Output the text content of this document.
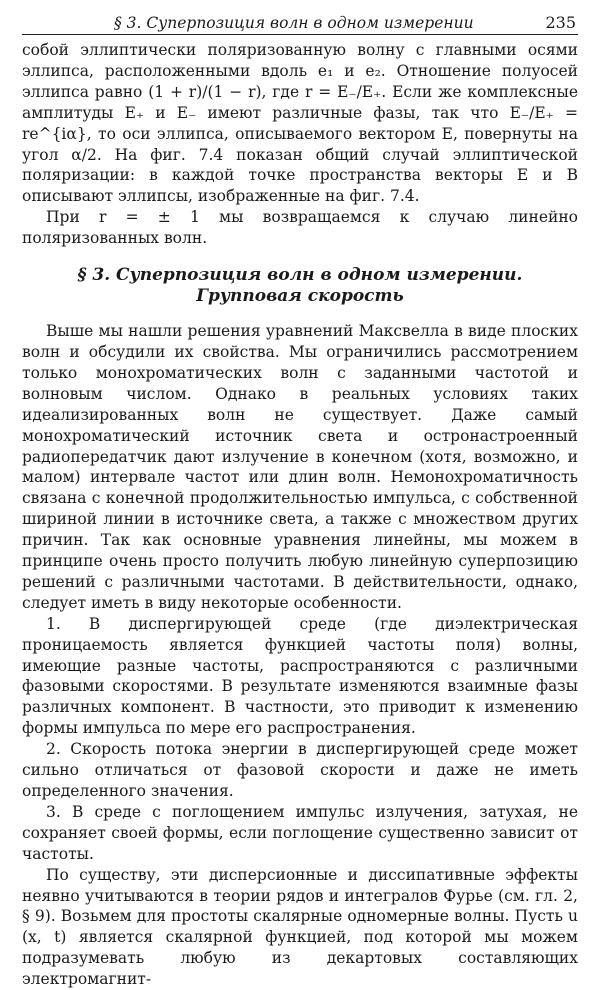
§ 3. Суперпозиция волн в одном измерении	235

собой эллиптически поляризованную волну с главными осями эллипса, расположенными вдоль e₁ и e₂. Отношение полуосей эллипса равно (1 + r)/(1 − r), где r = E₋/E₊. Если же комплексные амплитуды E₊ и E₋ имеют различные фазы, так что E₋/E₊ = re^{iα}, то оси эллипса, описываемого вектором E, повернуты на угол α/2. На фиг. 7.4 показан общий случай эллиптической поляризации: в каждой точке пространства векторы E и B описывают эллипсы, изображенные на фиг. 7.4.

При r = ± 1 мы возвращаемся к случаю линейно поляризованных волн.

§ 3. Суперпозиция волн в одном измерении.
Групповая скорость

Выше мы нашли решения уравнений Максвелла в виде плоских волн и обсудили их свойства. Мы ограничились рассмотрением только монохроматических волн с заданными частотой и волновым числом. Однако в реальных условиях таких идеализированных волн не существует. Даже самый монохроматический источник света и остронастроенный радиопередатчик дают излучение в конечном (хотя, возможно, и малом) интервале частот или длин волн. Немонохроматичность связана с конечной продолжительностью импульса, с собственной шириной линии в источнике света, а также с множеством других причин. Так как основные уравнения линейны, мы можем в принципе очень просто получить любую линейную суперпозицию решений с различными частотами. В действительности, однако, следует иметь в виду некоторые особенности.

1. В диспергирующей среде (где диэлектрическая проницаемость является функцией частоты поля) волны, имеющие разные частоты, распространяются с различными фазовыми скоростями. В результате изменяются взаимные фазы различных компонент. В частности, это приводит к изменению формы импульса по мере его распространения.

2. Скорость потока энергии в диспергирующей среде может сильно отличаться от фазовой скорости и даже не иметь определенного значения.

3. В среде с поглощением импульс излучения, затухая, не сохраняет своей формы, если поглощение существенно зависит от частоты.

По существу, эти дисперсионные и диссипативные эффекты неявно учитываются в теории рядов и интегралов Фурье (см. гл. 2, § 9). Возьмем для простоты скалярные одномерные волны. Пусть u (x, t) является скалярной функцией, под которой мы можем подразумевать любую из декартовых составляющих электромагнит-
